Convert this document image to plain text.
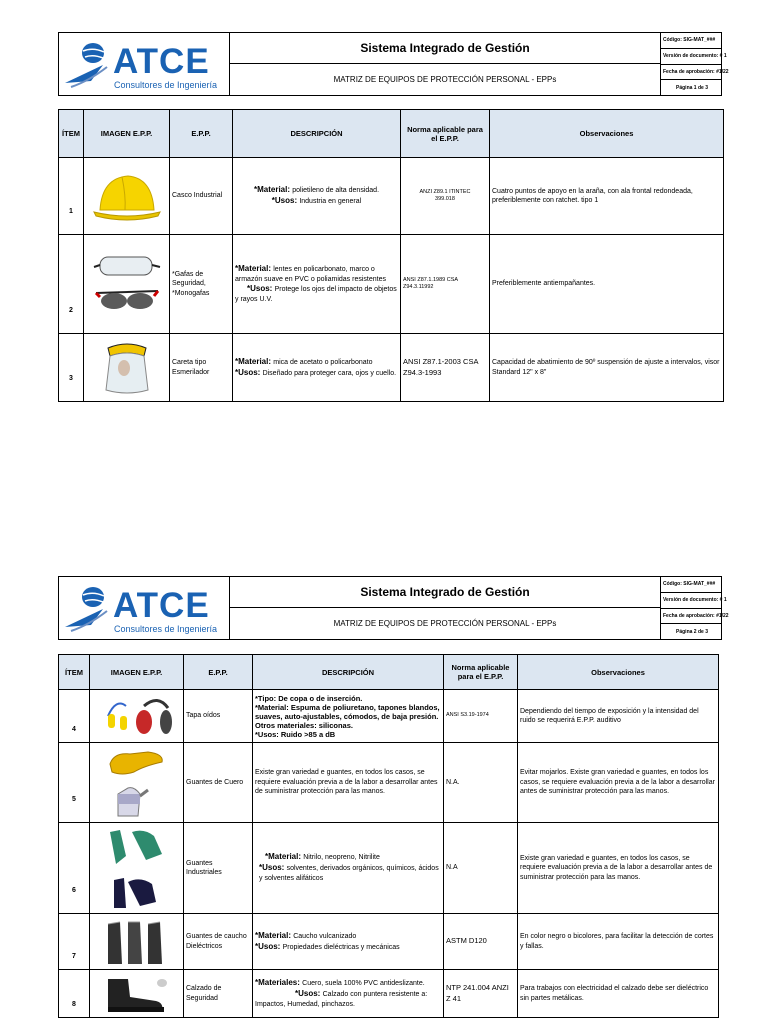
ATCE
Consultores de Ingeniería
Sistema Integrado de Gestión
MATRIZ DE EQUIPOS DE PROTECCIÓN PERSONAL - EPPs
Código: SIG-MAT_###
Versión de documento: # 1
Fecha de aprobación: #1/22
Página 1 de 3
ÍTEM	IMAGEN E.P.P.	E.P.P.	DESCRIPCIÓN	Norma aplicable para el E.P.P.	Observaciones
1		Casco Industrial	*Material: polietileno de alta densidad.
*Usos: Industria en general	ANZI Z89.1 ITINTEC 399.018	Cuatro puntos de apoyo en la araña, con ala frontal redondeada, preferiblemente con ratchet. tipo 1
2		*Gafas de Seguridad, *Monogafas	*Material: lentes en policarbonato, marco o armazón suave en PVC o poliamidas resistentes *Usos: Protege los ojos del impacto de objetos y rayos U.V.	ANSI Z87.1.1989 CSA Z94.3.11992	Preferiblemente antiempañantes.
3		Careta tipo Esmerilador	*Material: mica de acetato o policarbonato
*Usos: Diseñado para proteger cara, ojos y cuello.	ANSI Z87.1-2003 CSA Z94.3-1993	Capacidad de abatimiento de 90º suspensión de ajuste a intervalos, visor Standard 12" x 8"
ATCE
Consultores de Ingeniería
Sistema Integrado de Gestión
MATRIZ DE EQUIPOS DE PROTECCIÓN PERSONAL - EPPs
Código: SIG-MAT_###
Versión de documento: # 1
Fecha de aprobación: #1/22
Página 2 de 3
ÍTEM	IMAGEN E.P.P.	E.P.P.	DESCRIPCIÓN	Norma aplicable para el E.P.P.	Observaciones
4		Tapa oídos	*Tipo: De copa o de inserción.
*Material: Espuma de poliuretano, tapones blandos, suaves, auto-ajustables, cómodos, de baja presión. Otros materiales: siliconas.
*Usos: Ruido >85 a dB	ANSI S3.19-1974	Dependiendo del tiempo de exposición y la intensidad del ruido se requerirá E.P.P. auditivo
5		Guantes de Cuero	Existe gran variedad e guantes, en todos los casos, se requiere evaluación previa a de la labor a desarrollar antes de suministrar protección para las manos.	N.A.	Evitar mojarlos. Existe gran variedad e guantes, en todos los casos, se requiere evaluación previa a de la labor a desarrollar antes de suministrar protección para las manos.
6		Guantes Industriales	*Material: Nitrilo, neopreno, Nitrilite
*Usos: solventes, derivados orgánicos, químicos, ácidos y solventes alifáticos	N.A	Existe gran variedad e guantes, en todos los casos, se requiere evaluación previa a de la labor a desarrollar antes de suministrar protección para las manos.
7		Guantes de caucho Dieléctricos	*Material: Caucho vulcanizado
*Usos: Propiedades dieléctricas y mecánicas	ASTM D120	En color negro o bicolores, para facilitar la detección de cortes y fallas.
8		Calzado de Seguridad	*Materiales: Cuero, suela 100% PVC antideslizante. *Usos: Calzado con puntera resistente a: Impactos, Humedad, pinchazos.	NTP 241.004 ANZI Z 41	Para trabajos con electricidad el calzado debe ser dieléctrico sin partes metálicas.
